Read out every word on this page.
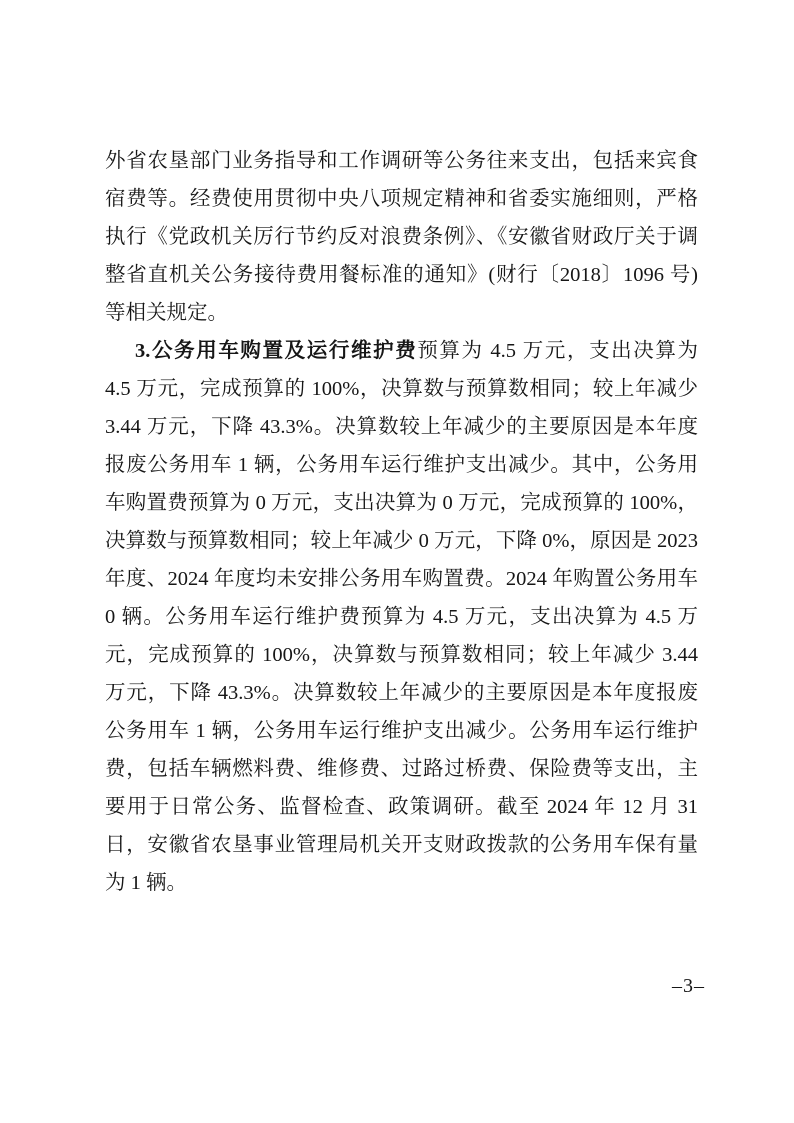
外省农垦部门业务指导和工作调研等公务往来支出，包括来宾食
宿费等。经费使用贯彻中央八项规定精神和省委实施细则，严格
执行《党政机关厉行节约反对浪费条例》、《安徽省财政厅关于调
整省直机关公务接待费用餐标准的通知》(财行〔2018〕1096 号)
等相关规定。
3.公务用车购置及运行维护费预算为 4.5 万元，支出决算为
4.5 万元，完成预算的 100%，决算数与预算数相同；较上年减少
3.44 万元，下降 43.3%。决算数较上年减少的主要原因是本年度
报废公务用车 1 辆，公务用车运行维护支出减少。其中，公务用
车购置费预算为 0 万元，支出决算为 0 万元，完成预算的 100%，
决算数与预算数相同；较上年减少 0 万元，下降 0%，原因是 2023
年度、2024 年度均未安排公务用车购置费。2024 年购置公务用车
0 辆。公务用车运行维护费预算为 4.5 万元，支出决算为 4.5 万
元，完成预算的 100%，决算数与预算数相同；较上年减少 3.44
万元，下降 43.3%。决算数较上年减少的主要原因是本年度报废
公务用车 1 辆，公务用车运行维护支出减少。公务用车运行维护
费，包括车辆燃料费、维修费、过路过桥费、保险费等支出，主
要用于日常公务、监督检查、政策调研。截至 2024 年 12 月 31
日，安徽省农垦事业管理局机关开支财政拨款的公务用车保有量
为 1 辆。
–3–
